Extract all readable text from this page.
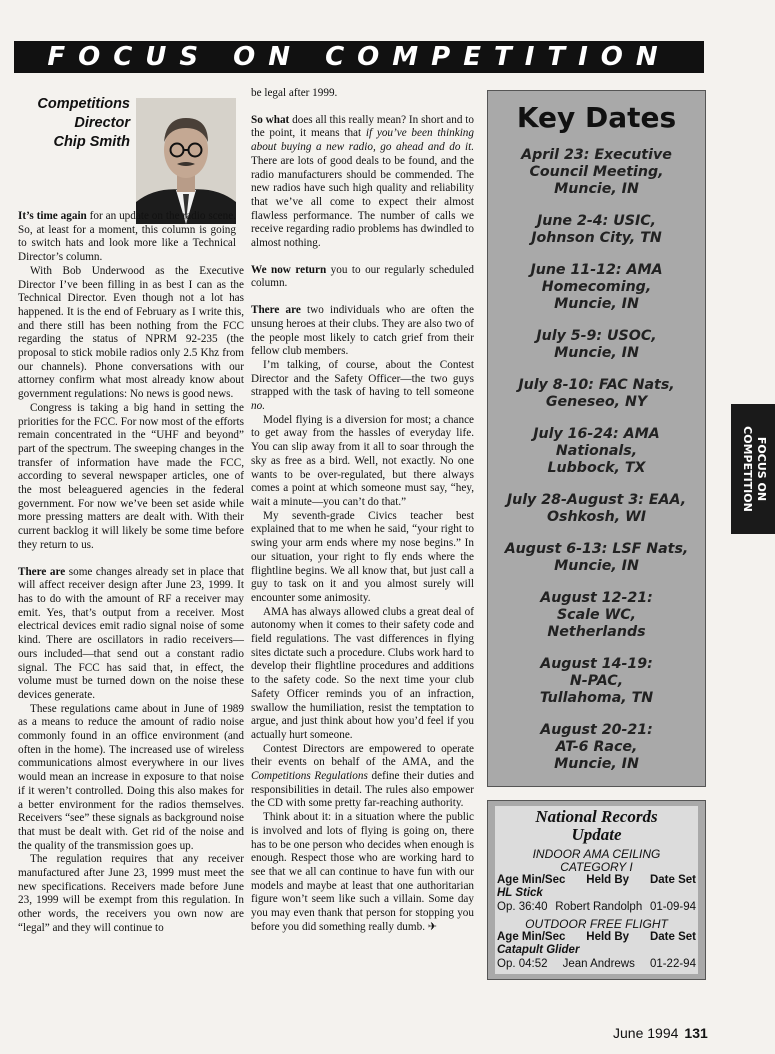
FOCUS ON COMPETITION
FOCUS ON
COMPETITION
Competitions
Director
Chip Smith

It’s time again for an update on the radio scene. So, at least for a moment, this column is going to switch hats and look more like a Technical Director’s column.

With Bob Underwood as the Executive Director I’ve been filling in as best I can as the Technical Director. Even though not a lot has happened. It is the end of February as I write this, and there still has been nothing from the FCC regarding the status of NPRM 92-235 (the proposal to stick mobile radios only 2.5 Khz from our channels). Phone conversations with our attorney confirm what most already know about government regulations: No news is good news.

Congress is taking a big hand in setting the priorities for the FCC. For now most of the efforts remain concentrated in the “UHF and beyond” part of the spectrum. The sweeping changes in the transfer of information have made the FCC, according to several newspaper articles, one of the most beleaguered agencies in the federal government. For now we’ve been set aside while more pressing matters are dealt with. With their current backlog it will likely be some time before they return to us.

There are some changes already set in place that will affect receiver design after June 23, 1999. It has to do with the amount of RF a receiver may emit. Yes, that’s output from a receiver. Most electrical devices emit radio signal noise of some kind. There are oscillators in radio receivers—ours included—that send out a constant radio signal. The FCC has said that, in effect, the volume must be turned down on the noise these devices generate.

These regulations came about in June of 1989 as a means to reduce the amount of radio noise commonly found in an office environment (and often in the home). The increased use of wireless communications almost everywhere in our lives would mean an increase in exposure to that noise if it weren’t controlled. Doing this also makes for a better environment for the radios themselves. Receivers “see” these signals as background noise that must be dealt with. Get rid of the noise and the quality of the transmission goes up.

The regulation requires that any receiver manufactured after June 23, 1999 must meet the new specifications. Receivers made before June 23, 1999 will be exempt from this regulation. In other words, the receivers you own now are “legal” and they will continue to

be legal after 1999.

So what does all this really mean? In short and to the point, it means that if you’ve been thinking about buying a new radio, go ahead and do it. There are lots of good deals to be found, and the radio manufacturers should be commended. The new radios have such high quality and reliability that we’ve all come to expect their almost flawless performance. The number of calls we receive regarding radio problems has dwindled to almost nothing.

We now return you to our regularly scheduled column.

There are two individuals who are often the unsung heroes at their clubs. They are also two of the people most likely to catch grief from their fellow club members.

I’m talking, of course, about the Contest Director and the Safety Officer—the two guys strapped with the task of having to tell someone no.

Model flying is a diversion for most; a chance to get away from the hassles of everyday life. You can slip away from it all to soar through the sky as free as a bird. Well, not exactly. No one wants to be over-regulated, but there always comes a point at which someone must say, “hey, wait a minute—you can’t do that.”

My seventh-grade Civics teacher best explained that to me when he said, “your right to swing your arm ends where my nose begins.” In our situation, your right to fly ends where the flightline begins. We all know that, but just call a guy to task on it and you almost surely will encounter some animosity.

AMA has always allowed clubs a great deal of autonomy when it comes to their safety code and field regulations. The vast differences in flying sites dictate such a procedure. Clubs work hard to develop their flightline procedures and additions to the safety code. So the next time your club Safety Officer reminds you of an infraction, swallow the humiliation, resist the temptation to argue, and just think about how you’d feel if you actually hurt someone.

Contest Directors are empowered to operate their events on behalf of the AMA, and the Competitions Regulations define their duties and responsibilities in detail. The rules also empower the CD with some pretty far-reaching authority.

Think about it: in a situation where the public is involved and lots of flying is going on, there has to be one person who decides when enough is enough. Respect those who are working hard to see that we all can continue to have fun with our models and maybe at least that one authoritarian figure won’t seem like such a villain. Some day you may even thank that person for stopping you before you did something really dumb. ✈

Key Dates
April 23: Executive
Council Meeting,
Muncie, IN
June 2-4: USIC,
Johnson City, TN
June 11-12: AMA
Homecoming,
Muncie, IN
July 5-9: USOC,
Muncie, IN
July 8-10: FAC Nats,
Geneseo, NY
July 16-24: AMA
Nationals,
Lubbock, TX
July 28-August 3: EAA,
Oshkosh, WI
August 6-13: LSF Nats,
Muncie, IN
August 12-21:
Scale WC,
Netherlands
August 14-19:
N-PAC,
Tullahoma, TN
August 20-21:
AT-6 Race,
Muncie, IN
National Records
Update
INDOOR AMA CEILING
CATEGORY I
Age Min/Sec Held By Date Set
HL Stick
Op. 36:40 Robert Randolph 01-09-94
OUTDOOR FREE FLIGHT
Age Min/Sec Held By Date Set
Catapult Glider
Op. 04:52 Jean Andrews 01-22-94
June 1994 131
